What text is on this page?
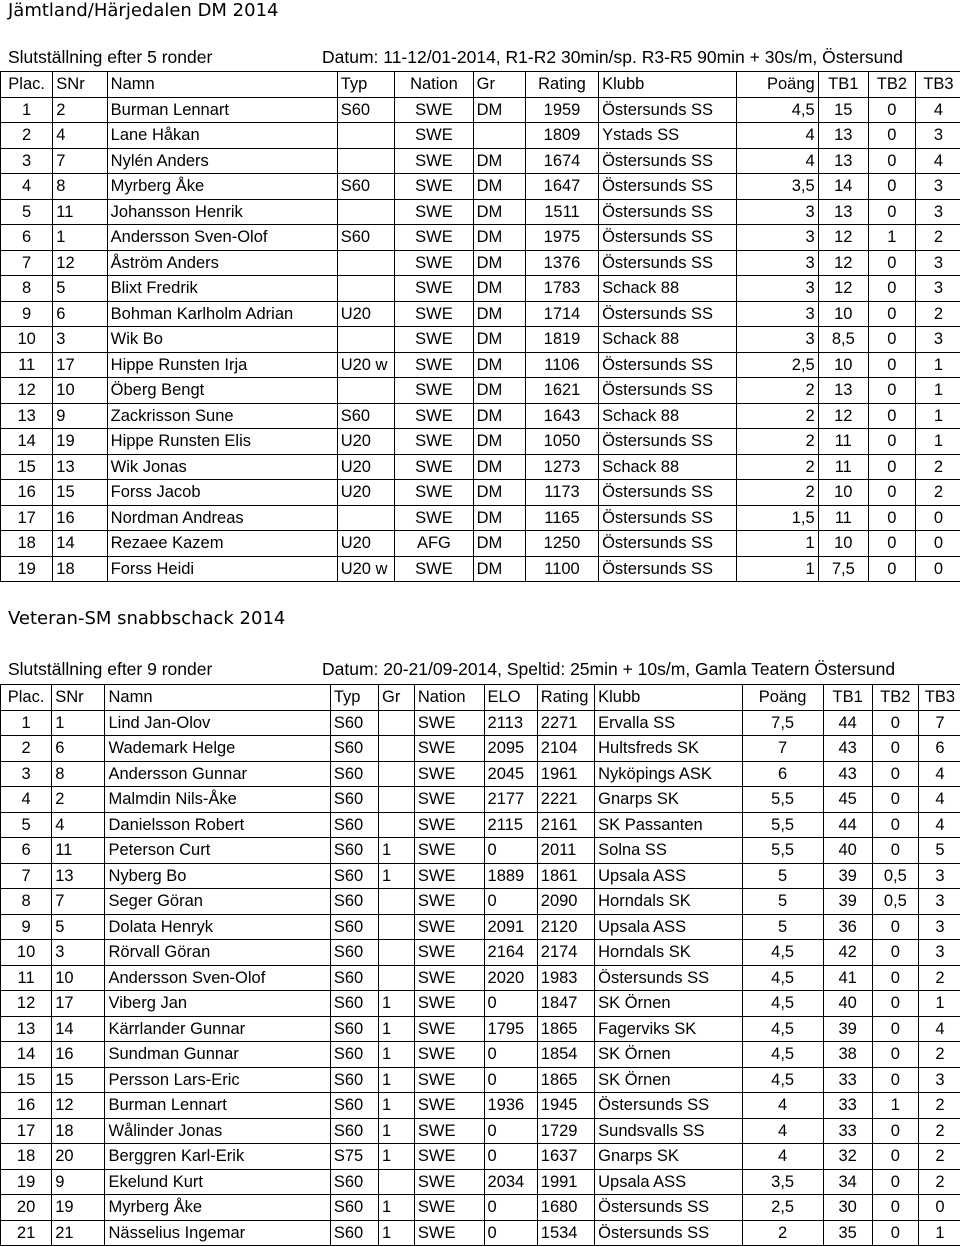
Jämtland/Härjedalen DM 2014
Slutställning efter 5 ronder	Datum: 11-12/01-2014, R1-R2 30min/sp. R3-R5 90min + 30s/m, Östersund
Plac.	SNr	Namn	Typ	Nation	Gr	Rating	Klubb	Poäng	TB1	TB2	TB3
1	2	Burman Lennart	S60	SWE	DM	1959	Östersunds SS	4,5	15	0	4
2	4	Lane Håkan		SWE		1809	Ystads SS	4	13	0	3
3	7	Nylén Anders		SWE	DM	1674	Östersunds SS	4	13	0	4
4	8	Myrberg Åke	S60	SWE	DM	1647	Östersunds SS	3,5	14	0	3
5	11	Johansson Henrik		SWE	DM	1511	Östersunds SS	3	13	0	3
6	1	Andersson Sven-Olof	S60	SWE	DM	1975	Östersunds SS	3	12	1	2
7	12	Åström Anders		SWE	DM	1376	Östersunds SS	3	12	0	3
8	5	Blixt Fredrik		SWE	DM	1783	Schack 88	3	12	0	3
9	6	Bohman Karlholm Adrian	U20	SWE	DM	1714	Östersunds SS	3	10	0	2
10	3	Wik Bo		SWE	DM	1819	Schack 88	3	8,5	0	3
11	17	Hippe Runsten Irja	U20 w	SWE	DM	1106	Östersunds SS	2,5	10	0	1
12	10	Öberg Bengt		SWE	DM	1621	Östersunds SS	2	13	0	1
13	9	Zackrisson Sune	S60	SWE	DM	1643	Schack 88	2	12	0	1
14	19	Hippe Runsten Elis	U20	SWE	DM	1050	Östersunds SS	2	11	0	1
15	13	Wik Jonas	U20	SWE	DM	1273	Schack 88	2	11	0	2
16	15	Forss Jacob	U20	SWE	DM	1173	Östersunds SS	2	10	0	2
17	16	Nordman Andreas		SWE	DM	1165	Östersunds SS	1,5	11	0	0
18	14	Rezaee Kazem	U20	AFG	DM	1250	Östersunds SS	1	10	0	0
19	18	Forss Heidi	U20 w	SWE	DM	1100	Östersunds SS	1	7,5	0	0
Veteran-SM snabbschack 2014
Slutställning efter 9 ronder	Datum: 20-21/09-2014, Speltid: 25min + 10s/m, Gamla Teatern Östersund
Plac.	SNr	Namn	Typ	Gr	Nation	ELO	Rating	Klubb	Poäng	TB1	TB2	TB3
1	1	Lind Jan-Olov	S60		SWE	2113	2271	Ervalla SS	7,5	44	0	7
2	6	Wademark Helge	S60		SWE	2095	2104	Hultsfreds SK	7	43	0	6
3	8	Andersson Gunnar	S60		SWE	2045	1961	Nyköpings ASK	6	43	0	4
4	2	Malmdin Nils-Åke	S60		SWE	2177	2221	Gnarps SK	5,5	45	0	4
5	4	Danielsson Robert	S60		SWE	2115	2161	SK Passanten	5,5	44	0	4
6	11	Peterson Curt	S60	1	SWE	0	2011	Solna SS	5,5	40	0	5
7	13	Nyberg Bo	S60	1	SWE	1889	1861	Upsala ASS	5	39	0,5	3
8	7	Seger Göran	S60		SWE	0	2090	Horndals SK	5	39	0,5	3
9	5	Dolata Henryk	S60		SWE	2091	2120	Upsala ASS	5	36	0	3
10	3	Rörvall Göran	S60		SWE	2164	2174	Horndals SK	4,5	42	0	3
11	10	Andersson Sven-Olof	S60		SWE	2020	1983	Östersunds SS	4,5	41	0	2
12	17	Viberg Jan	S60	1	SWE	0	1847	SK Örnen	4,5	40	0	1
13	14	Kärrlander Gunnar	S60	1	SWE	1795	1865	Fagerviks SK	4,5	39	0	4
14	16	Sundman Gunnar	S60	1	SWE	0	1854	SK Örnen	4,5	38	0	2
15	15	Persson Lars-Eric	S60	1	SWE	0	1865	SK Örnen	4,5	33	0	3
16	12	Burman Lennart	S60	1	SWE	1936	1945	Östersunds SS	4	33	1	2
17	18	Wålinder Jonas	S60	1	SWE	0	1729	Sundsvalls SS	4	33	0	2
18	20	Berggren Karl-Erik	S75	1	SWE	0	1637	Gnarps SK	4	32	0	2
19	9	Ekelund Kurt	S60		SWE	2034	1991	Upsala ASS	3,5	34	0	2
20	19	Myrberg Åke	S60	1	SWE	0	1680	Östersunds SS	2,5	30	0	0
21	21	Nässelius Ingemar	S60	1	SWE	0	1534	Östersunds SS	2	35	0	1
